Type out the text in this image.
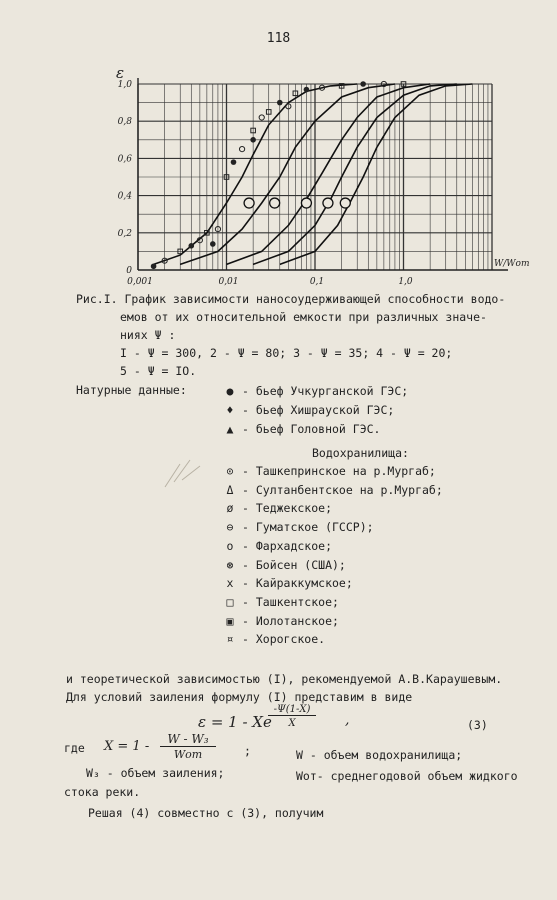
118
0,001	0,01	0,1	1,0
0
0,2
0,4
0,6
0,8
1,0
ε
W/Wот
Рис.I. График зависимости наносоудерживающей способности водо-
емов от их относительной емкости при различных значе-
ниях Ψ :
I - Ψ = 300, 2 - Ψ = 80; 3 - Ψ = 35; 4 - Ψ = 20;
5 - Ψ = IO.
Натурные данные:	● - бьеф Учкурганской ГЭС;
♦ - бьеф Хишрауской ГЭС;
▲ - бьеф Головной ГЭС.
Водохранилища:
⊙ - Ташкепринское на р.Мургаб;
Δ - Султанбентское на р.Мургаб;
ø - Теджекское;
⊖ - Гуматское (ГССР);
o - Фархадское;
⊛ - Бойсен (США);
x - Кайраккумское;
□ - Ташкентское;
▣ - Иолотанское;
¤ - Хорогское.
и теоретической зависимостью (I), рекомендуемой А.В.Карaушевым.
Для условий заиления формулу (I) представим в виде
ε = 1 - Xe
-Ψ(1-X)
X	,	(3)
где X = 1 -	W - W₃
Wот	;	W - объем водохранилища;
W₃ - объем заиления;	Wот- среднегодовой объем жидкого
стока реки.
Решая (4) совместно с (3), получим
